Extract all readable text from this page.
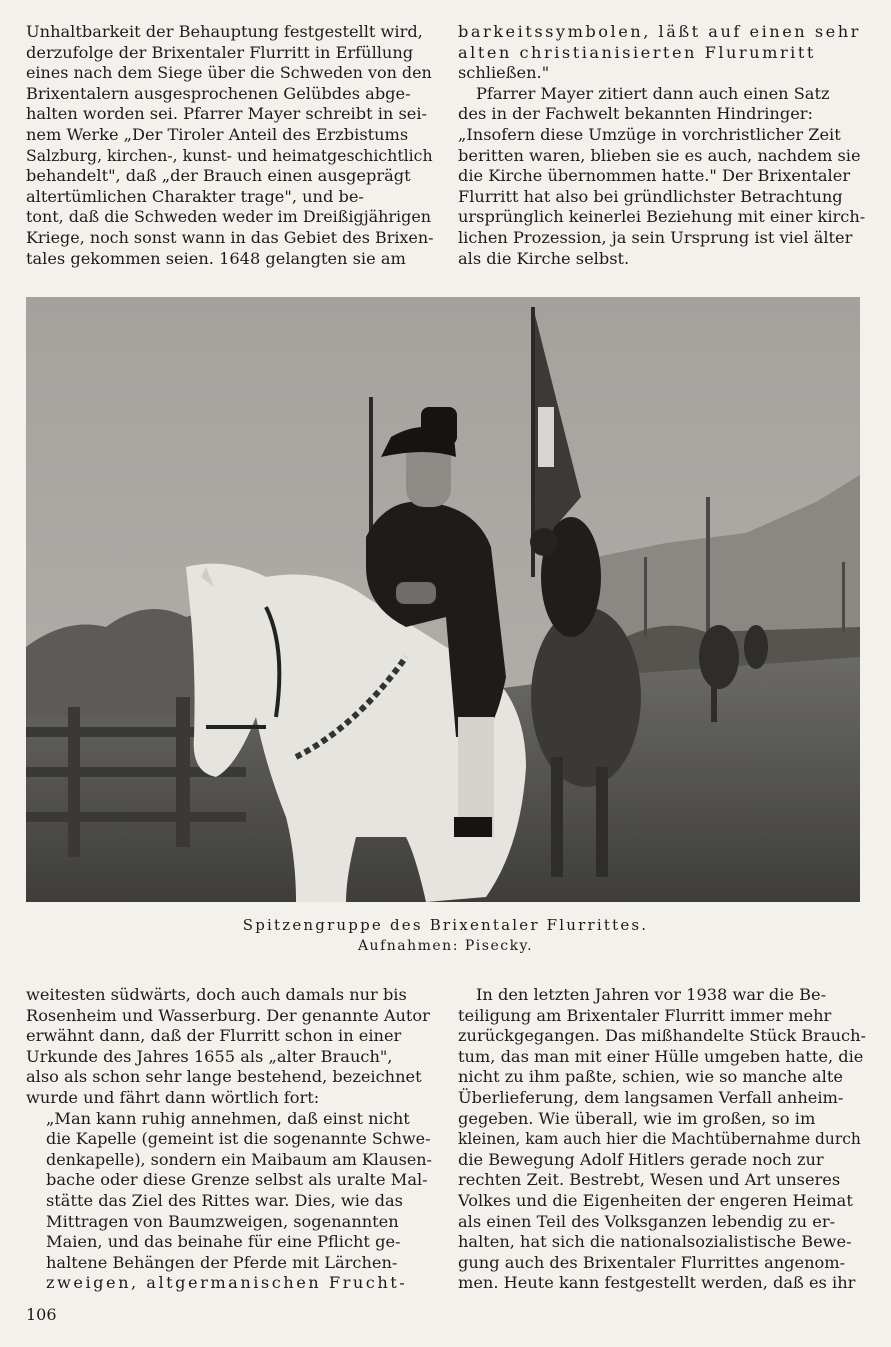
Unhaltbarkeit der Behauptung festgestellt wird,
derzufolge der Brixentaler Flurritt in Erfüllung
eines nach dem Siege über die Schweden von den
Brixentalern ausgesprochenen Gelübdes abge-
halten worden sei. Pfarrer Mayer schreibt in sei-
nem Werke „Der Tiroler Anteil des Erzbistums
Salzburg, kirchen-, kunst- und heimatgeschichtlich
behandelt", daß „der Brauch einen ausgeprägt
altertümlichen Charakter trage", und be-
tont, daß die Schweden weder im Dreißigjährigen
Kriege, noch sonst wann in das Gebiet des Brixen-
tales gekommen seien. 1648 gelangten sie am
barkeitssymbolen, läßt auf einen sehr
alten christianisierten Flurumritt
schließen."
Pfarrer Mayer zitiert dann auch einen Satz
des in der Fachwelt bekannten Hindringer:
„Insofern diese Umzüge in vorchristlicher Zeit
beritten waren, blieben sie es auch, nachdem sie
die Kirche übernommen hatte." Der Brixentaler
Flurritt hat also bei gründlichster Betrachtung
ursprünglich keinerlei Beziehung mit einer kirch-
lichen Prozession, ja sein Ursprung ist viel älter
als die Kirche selbst.
Spitzengruppe des Brixentaler Flurrittes.
Aufnahmen: Pisecky.
weitesten südwärts, doch auch damals nur bis
Rosenheim und Wasserburg. Der genannte Autor
erwähnt dann, daß der Flurritt schon in einer
Urkunde des Jahres 1655 als „alter Brauch",
also als schon sehr lange bestehend, bezeichnet
wurde und fährt dann wörtlich fort:
„Man kann ruhig annehmen, daß einst nicht
die Kapelle (gemeint ist die sogenannte Schwe-
denkapelle), sondern ein Maibaum am Klausen-
bache oder diese Grenze selbst als uralte Mal-
stätte das Ziel des Rittes war. Dies, wie das
Mittragen von Baumzweigen, sogenannten
Maien, und das beinahe für eine Pflicht ge-
haltene Behängen der Pferde mit Lärchen-
zweigen, altgermanischen Frucht-
In den letzten Jahren vor 1938 war die Be-
teiligung am Brixentaler Flurritt immer mehr
zurückgegangen. Das mißhandelte Stück Brauch-
tum, das man mit einer Hülle umgeben hatte, die
nicht zu ihm paßte, schien, wie so manche alte
Überlieferung, dem langsamen Verfall anheim-
gegeben. Wie überall, wie im großen, so im
kleinen, kam auch hier die Machtübernahme durch
die Bewegung Adolf Hitlers gerade noch zur
rechten Zeit. Bestrebt, Wesen und Art unseres
Volkes und die Eigenheiten der engeren Heimat
als einen Teil des Volksganzen lebendig zu er-
halten, hat sich die nationalsozialistische Bewe-
gung auch des Brixentaler Flurrittes angenom-
men. Heute kann festgestellt werden, daß es ihr
106
